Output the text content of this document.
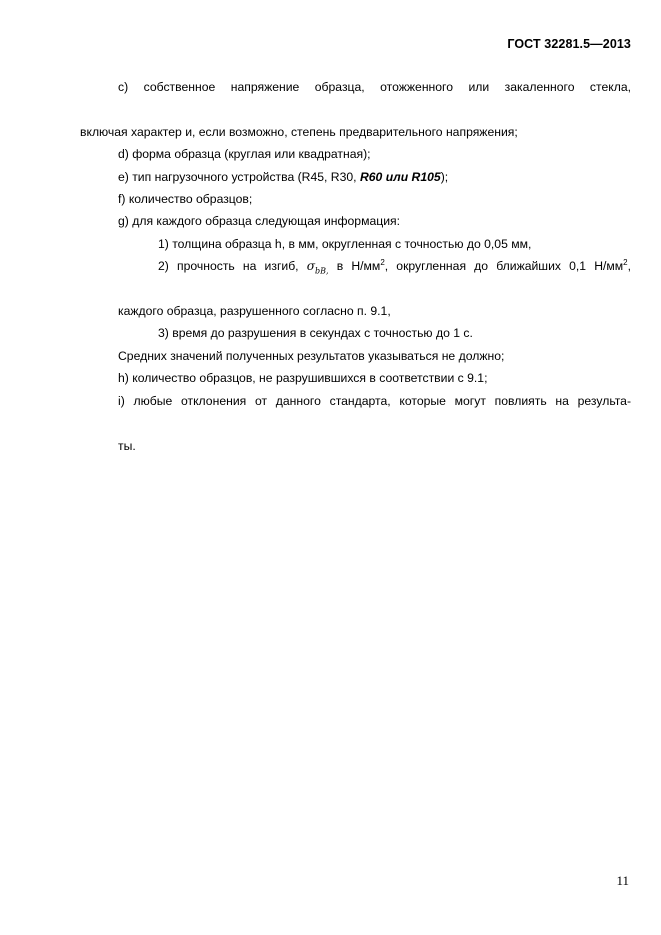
ГОСТ 32281.5—2013

с) собственное напряжение образца, отожженного или закаленного стекла,

включая характер и, если возможно, степень предварительного напряжения;

d) форма образца (круглая или квадратная);

е) тип нагрузочного устройства (R45, R30, R60 или R105);

f) количество образцов;

g) для каждого образца следующая информация:

1) толщина образца h, в мм, округленная с точностью до 0,05 мм,

2) прочность на изгиб, $\sigma_{bB,}$ в $Н/мм^2$, округленная до ближайших 0,1 $Н/мм^2$,

каждого образца, разрушенного согласно п. 9.1,

3) время до разрушения в секундах с точностью до 1 с.

Средних значений полученных результатов указываться не должно;

h) количество образцов, не разрушившихся в соответствии с 9.1;

i) любые отклонения от данного стандарта, которые могут повлиять на результа-

ты.

11
